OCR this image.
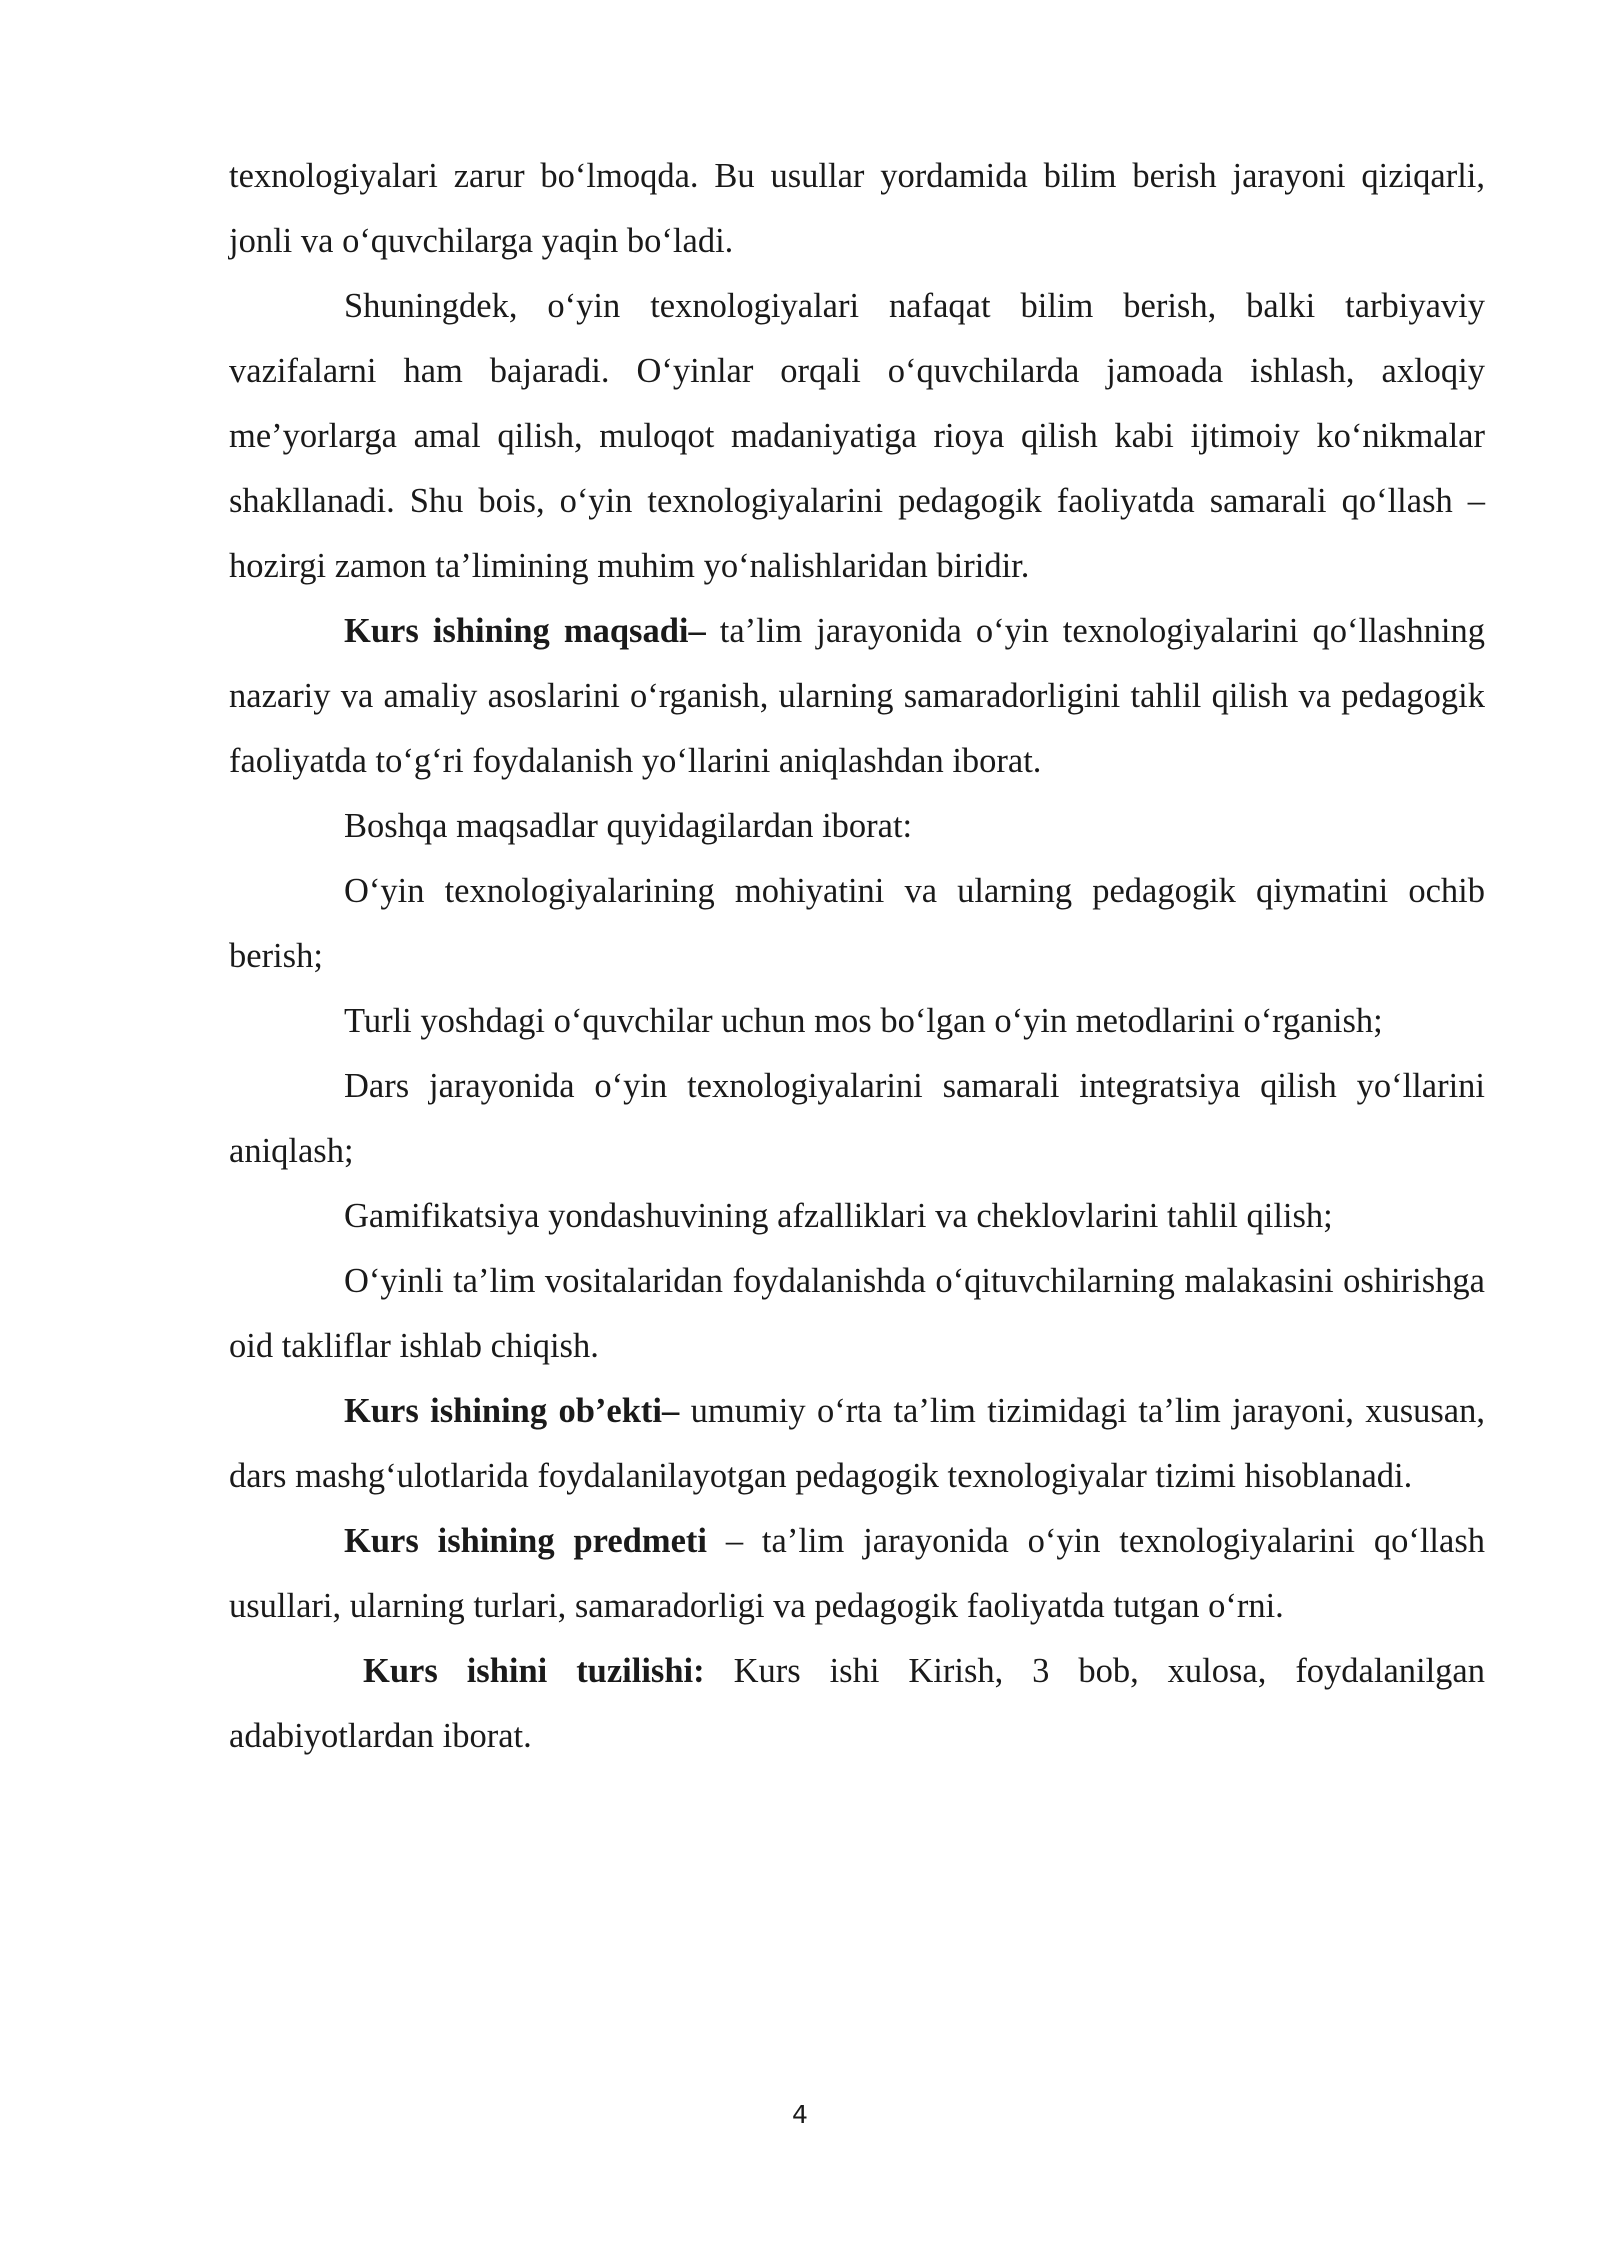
texnologiyalari zarur bo‘lmoqda. Bu usullar yordamida bilim berish jarayoni qiziqarli, jonli va o‘quvchilarga yaqin bo‘ladi.

Shuningdek, o‘yin texnologiyalari nafaqat bilim berish, balki tarbiyaviy vazifalarni ham bajaradi. O‘yinlar orqali o‘quvchilarda jamoada ishlash, axloqiy me’yorlarga amal qilish, muloqot madaniyatiga rioya qilish kabi ijtimoiy ko‘nikmalar shakllanadi. Shu bois, o‘yin texnologiyalarini pedagogik faoliyatda samarali qo‘llash – hozirgi zamon ta’limining muhim yo‘nalishlaridan biridir.

Kurs ishining maqsadi– ta’lim jarayonida o‘yin texnologiyalarini qo‘llashning nazariy va amaliy asoslarini o‘rganish, ularning samaradorligini tahlil qilish va pedagogik faoliyatda to‘g‘ri foydalanish yo‘llarini aniqlashdan iborat.

Boshqa maqsadlar quyidagilardan iborat:

O‘yin texnologiyalarining mohiyatini va ularning pedagogik qiymatini ochib berish;

Turli yoshdagi o‘quvchilar uchun mos bo‘lgan o‘yin metodlarini o‘rganish;

Dars jarayonida o‘yin texnologiyalarini samarali integratsiya qilish yo‘llarini aniqlash;

Gamifikatsiya yondashuvining afzalliklari va cheklovlarini tahlil qilish;

O‘yinli ta’lim vositalaridan foydalanishda o‘qituvchilarning malakasini oshirishga oid takliflar ishlab chiqish.

Kurs ishining ob’ekti– umumiy o‘rta ta’lim tizimidagi ta’lim jarayoni, xususan, dars mashg‘ulotlarida foydalanilayotgan pedagogik texnologiyalar tizimi hisoblanadi.

Kurs ishining predmeti – ta’lim jarayonida o‘yin texnologiyalarini qo‘llash usullari, ularning turlari, samaradorligi va pedagogik faoliyatda tutgan o‘rni.

Kurs ishini tuzilishi: Kurs ishi Kirish, 3 bob, xulosa, foydalanilgan adabiyotlardan iborat.

4
